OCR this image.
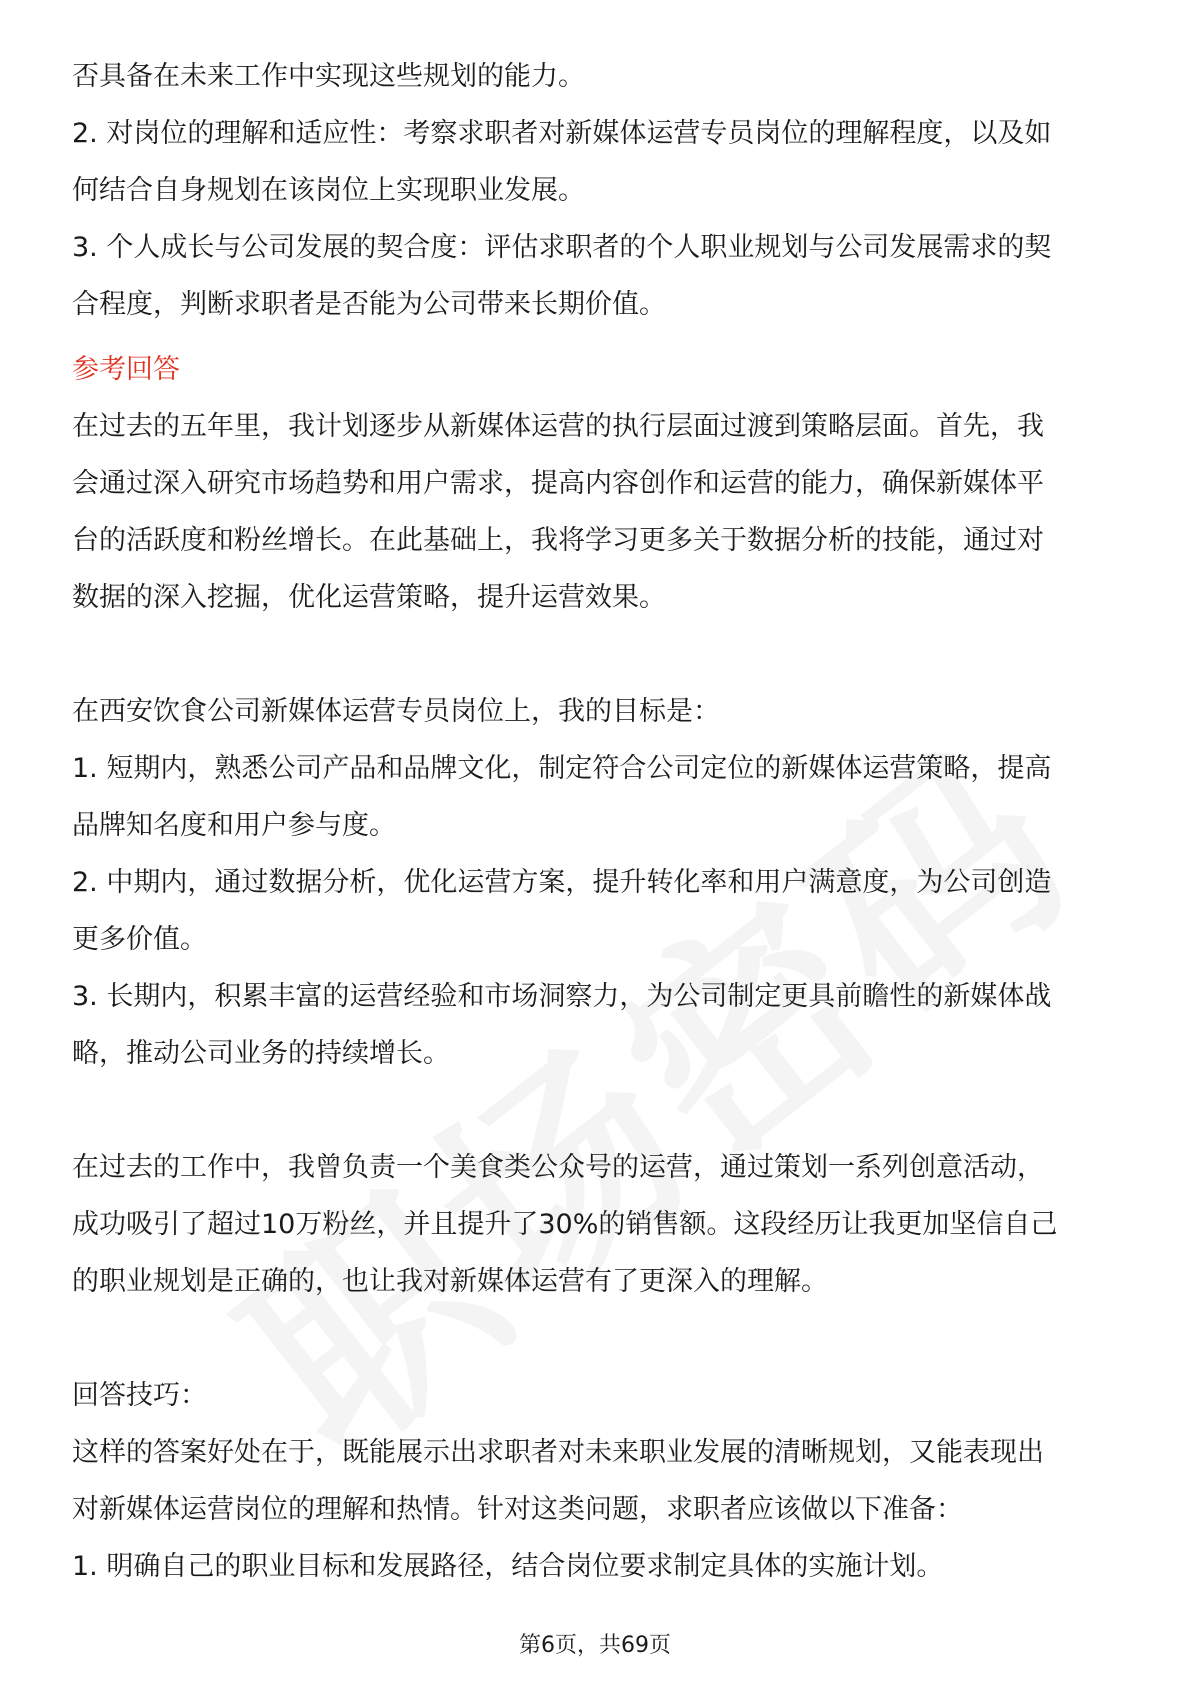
否具备在未来工作中实现这些规划的能力。

2. 对岗位的理解和适应性：考察求职者对新媒体运营专员岗位的理解程度，以及如

何结合自身规划在该岗位上实现职业发展。

3. 个人成长与公司发展的契合度：评估求职者的个人职业规划与公司发展需求的契

合程度，判断求职者是否能为公司带来长期价值。

参考回答

在过去的五年里，我计划逐步从新媒体运营的执行层面过渡到策略层面。首先，我

会通过深入研究市场趋势和用户需求，提高内容创作和运营的能力，确保新媒体平

台的活跃度和粉丝增长。在此基础上，我将学习更多关于数据分析的技能，通过对

数据的深入挖掘，优化运营策略，提升运营效果。

在西安饮食公司新媒体运营专员岗位上，我的目标是：

1. 短期内，熟悉公司产品和品牌文化，制定符合公司定位的新媒体运营策略，提高

品牌知名度和用户参与度。

2. 中期内，通过数据分析，优化运营方案，提升转化率和用户满意度，为公司创造

更多价值。

3. 长期内，积累丰富的运营经验和市场洞察力，为公司制定更具前瞻性的新媒体战

略，推动公司业务的持续增长。

在过去的工作中，我曾负责一个美食类公众号的运营，通过策划一系列创意活动，

成功吸引了超过10万粉丝，并且提升了30%的销售额。这段经历让我更加坚信自己

的职业规划是正确的，也让我对新媒体运营有了更深入的理解。

回答技巧：

这样的答案好处在于，既能展示出求职者对未来职业发展的清晰规划，又能表现出

对新媒体运营岗位的理解和热情。针对这类问题，求职者应该做以下准备：

1. 明确自己的职业目标和发展路径，结合岗位要求制定具体的实施计划。

第6页，共69页
